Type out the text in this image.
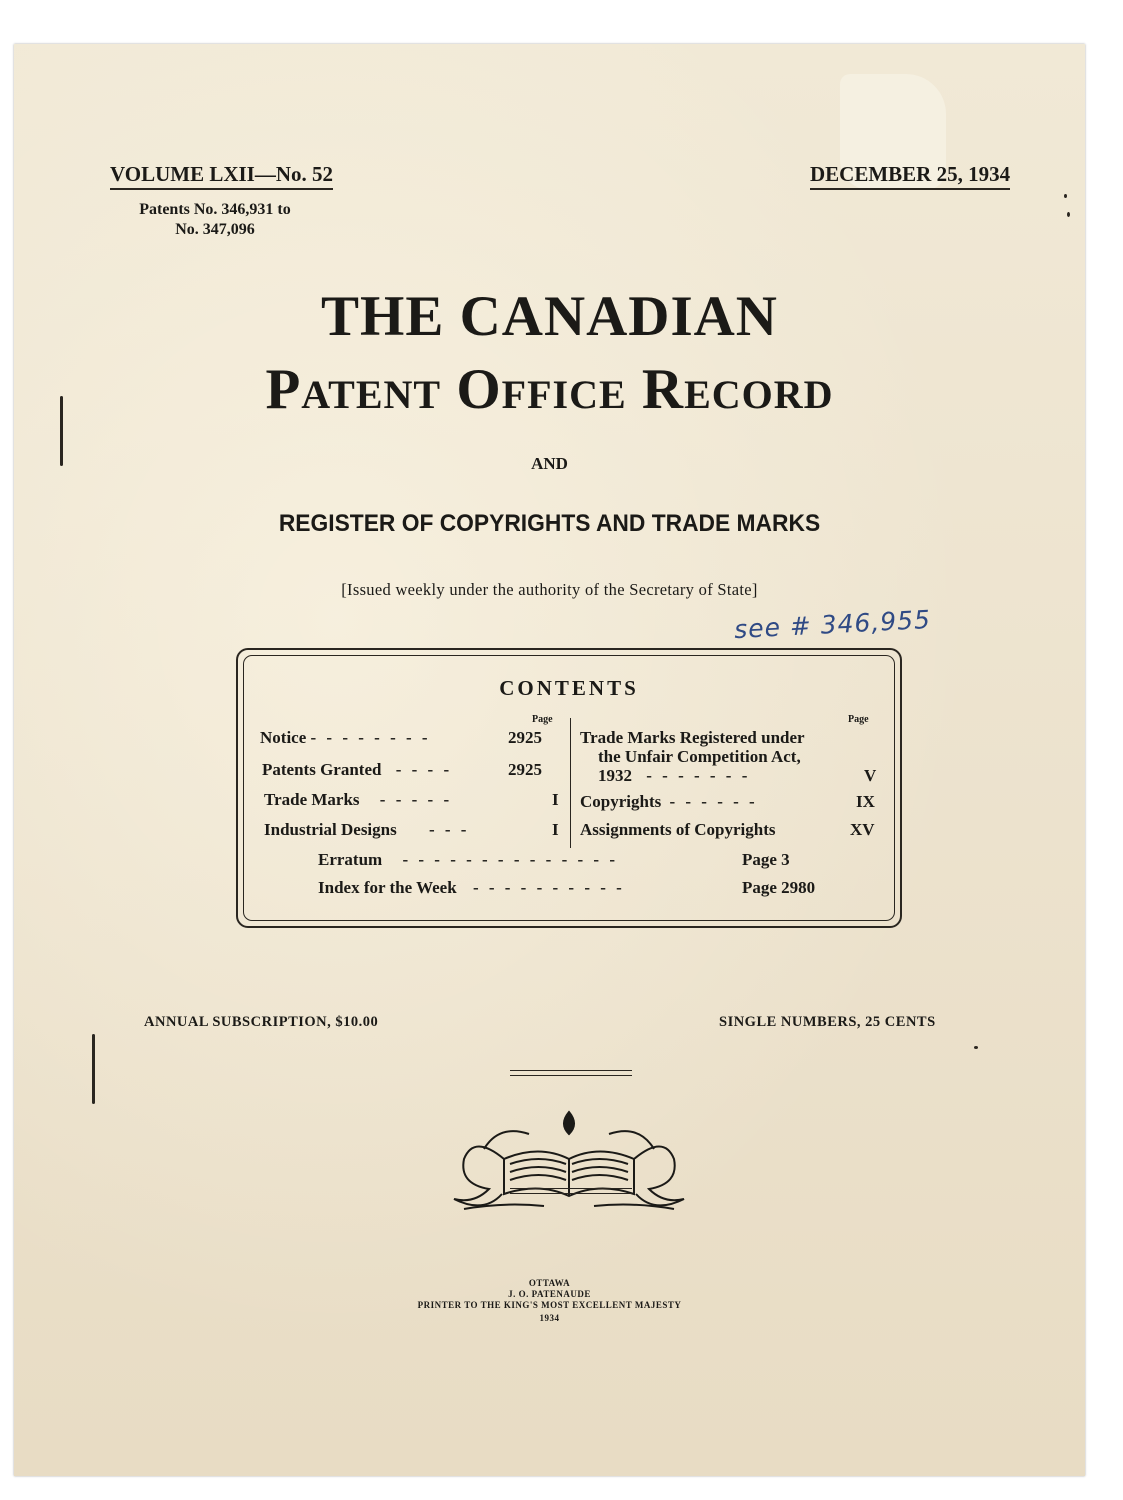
VOLUME LXII—No. 52
Patents No. 346,931 to
No. 347,096
DECEMBER 25, 1934
THE CANADIAN
Patent Office Record
AND
REGISTER OF COPYRIGHTS AND TRADE MARKS
[Issued weekly under the authority of the Secretary of State]
see # 346,955
CONTENTS
Page	Page
Notice - - - - - - - -	2925
Patents Granted - - - -	2925
Trade Marks - - - - -	I
Industrial Designs - - -	I
Trade Marks Registered under
the Unfair Competition Act,
1932 - - - - - - -	V
Copyrights - - - - - -	IX
Assignments of Copyrights	XV
Erratum - - - - - - - - - - - - - -	Page 3
Index for the Week - - - - - - - - - -	Page 2980
ANNUAL SUBSCRIPTION, $10.00	SINGLE NUMBERS, 25 CENTS
OTTAWA
J. O. PATENAUDE
PRINTER TO THE KING'S MOST EXCELLENT MAJESTY
1934
